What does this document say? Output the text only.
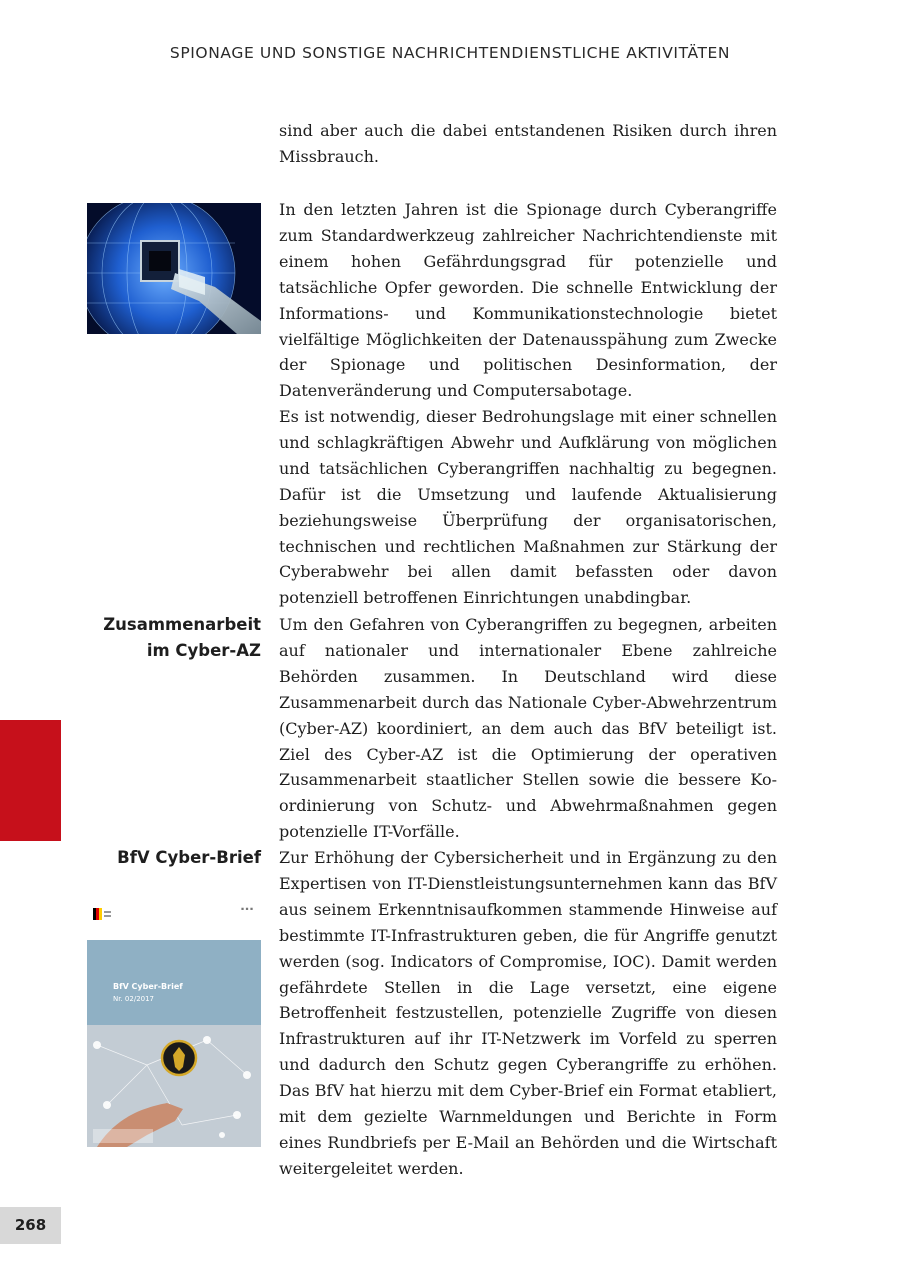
SPIONAGE UND SONSTIGE NACHRICHTENDIENSTLICHE AKTIVITÄTEN

sind aber auch die dabei entstandenen Risiken durch ihren Missbrauch.

In den letzten Jahren ist die Spionage durch Cyberangriffe zum Standardwerkzeug zahlreicher Nachrichtendienste mit einem hohen Gefährdungsgrad für potenzielle und tatsächliche Opfer geworden. Die schnelle Entwicklung der Informations- und Kommunikationstechnologie bietet vielfältige Möglichkeiten der Datenausspähung zum Zwecke der Spionage und politischen Desinformation, der Datenveränderung und Computersabotage.

Es ist notwendig, dieser Bedrohungslage mit einer schnellen und schlagkräftigen Abwehr und Aufklärung von möglichen und tatsächlichen Cyberangriffen nachhaltig zu begegnen. Dafür ist die Umsetzung und laufende Aktualisierung beziehungsweise Überprüfung der organisatorischen, technischen und rechtlichen Maßnahmen zur Stärkung der Cyberabwehr bei allen damit befassten oder davon potenziell betroffenen Einrichtungen unabdingbar.

Zusammenarbeit
im Cyber-AZ

Um den Gefahren von Cyberangriffen zu begegnen, arbeiten auf nationaler und internationaler Ebene zahlreiche Behörden zusammen. In Deutschland wird diese Zusammenarbeit durch das Nationale Cyber-Abwehrzentrum (Cyber-AZ) koordiniert, an dem auch das BfV beteiligt ist. Ziel des Cyber-AZ ist die Optimierung der operativen Zusammenarbeit staatlicher Stellen sowie die bessere Koordinierung von Schutz- und Abwehrmaßnahmen gegen potenzielle IT-Vorfälle.

BfV Cyber-Brief
▪ ▪ ▪
BfV Cyber-Brief
Nr. 02/2017

Zur Erhöhung der Cybersicherheit und in Ergänzung zu den Expertisen von IT-Dienstleistungsunternehmen kann das BfV aus seinem Erkenntnisaufkommen stammende Hinweise auf bestimmte IT-Infrastrukturen geben, die für Angriffe genutzt werden (sog. Indicators of Compromise, IOC). Damit werden gefährdete Stellen in die Lage versetzt, eine eigene Betroffenheit festzustellen, potenzielle Zugriffe von diesen Infrastrukturen auf ihr IT-Netzwerk im Vorfeld zu sperren und dadurch den Schutz gegen Cyberangriffe zu erhöhen. Das BfV hat hierzu mit dem Cyber-Brief ein Format etabliert, mit dem gezielte Warnmeldungen und Berichte in Form eines Rundbriefs per E-Mail an Behörden und die Wirtschaft weitergeleitet werden.

268
